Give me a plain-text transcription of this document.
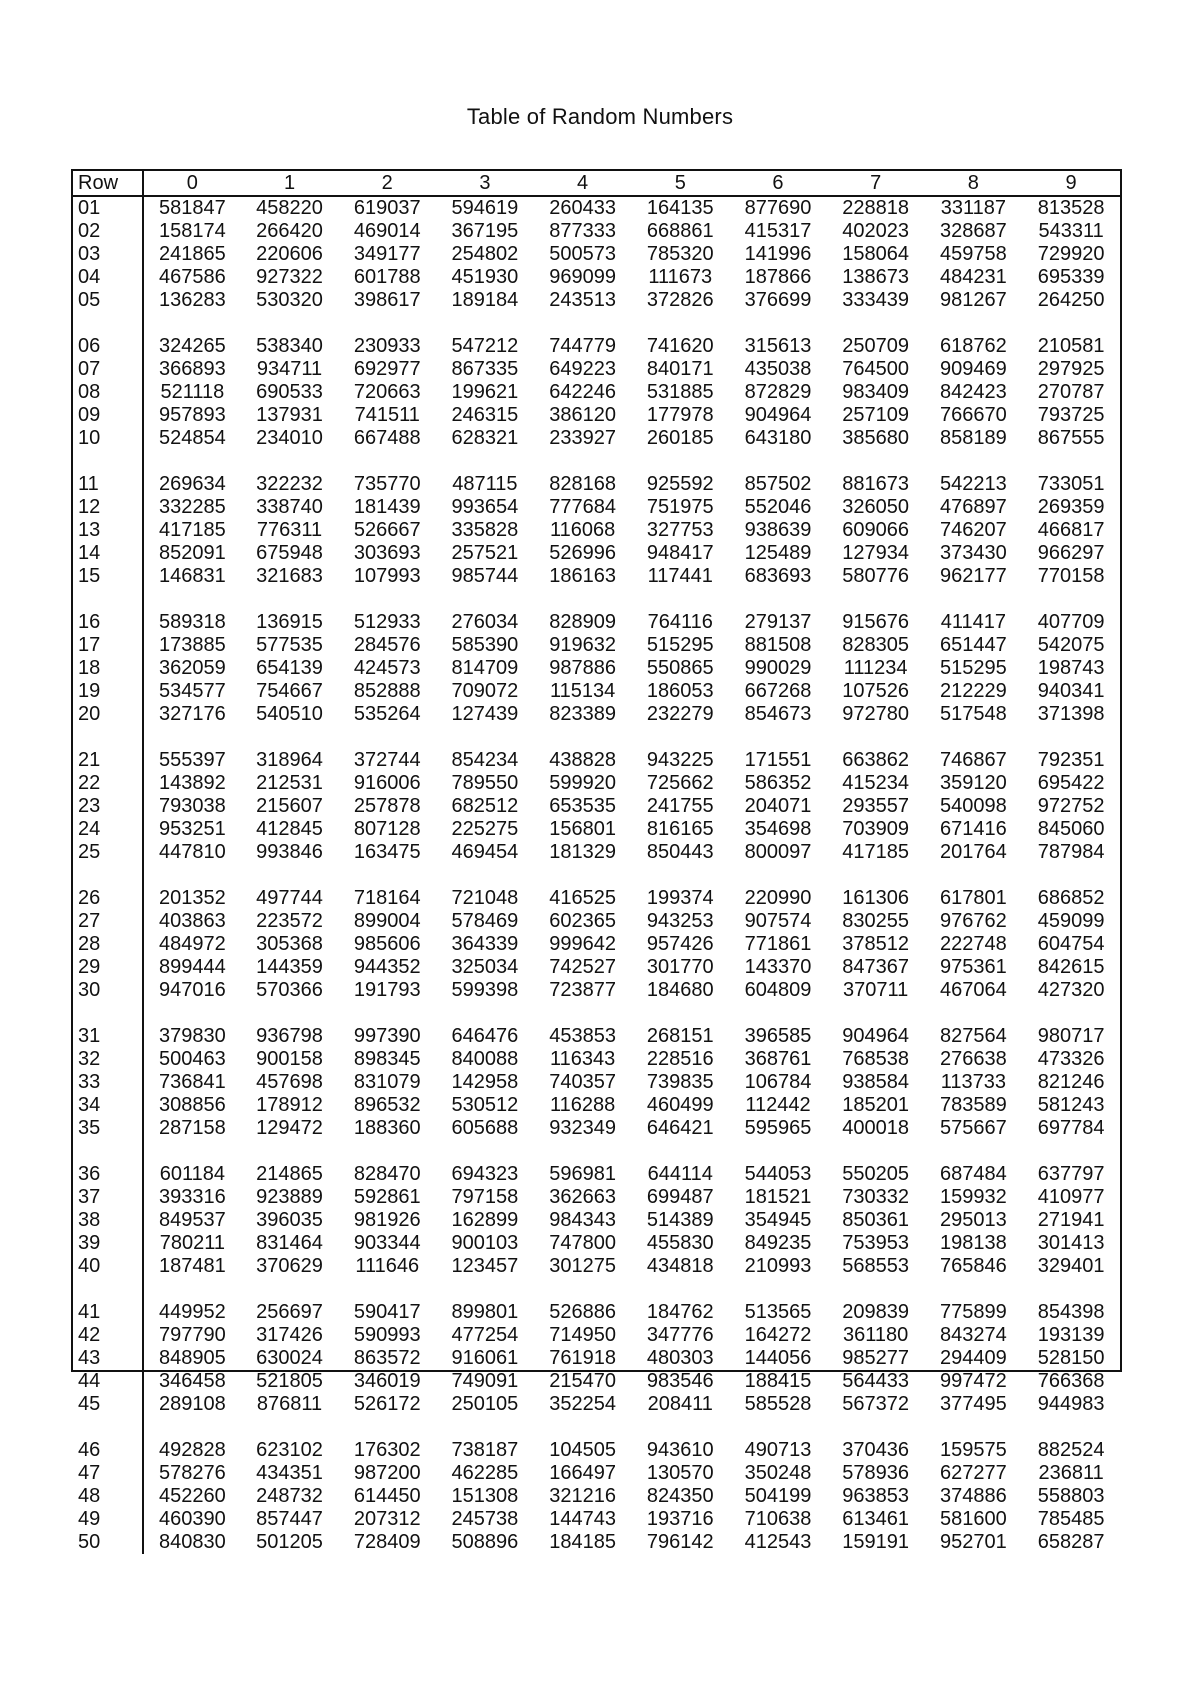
Table of Random Numbers
Row	0	1	2	3	4	5	6	7	8	9
01	581847	458220	619037	594619	260433	164135	877690	228818	331187	813528
02	158174	266420	469014	367195	877333	668861	415317	402023	328687	543311
03	241865	220606	349177	254802	500573	785320	141996	158064	459758	729920
04	467586	927322	601788	451930	969099	111673	187866	138673	484231	695339
05	136283	530320	398617	189184	243513	372826	376699	333439	981267	264250
06	324265	538340	230933	547212	744779	741620	315613	250709	618762	210581
07	366893	934711	692977	867335	649223	840171	435038	764500	909469	297925
08	521118	690533	720663	199621	642246	531885	872829	983409	842423	270787
09	957893	137931	741511	246315	386120	177978	904964	257109	766670	793725
10	524854	234010	667488	628321	233927	260185	643180	385680	858189	867555
11	269634	322232	735770	487115	828168	925592	857502	881673	542213	733051
12	332285	338740	181439	993654	777684	751975	552046	326050	476897	269359
13	417185	776311	526667	335828	116068	327753	938639	609066	746207	466817
14	852091	675948	303693	257521	526996	948417	125489	127934	373430	966297
15	146831	321683	107993	985744	186163	117441	683693	580776	962177	770158
16	589318	136915	512933	276034	828909	764116	279137	915676	411417	407709
17	173885	577535	284576	585390	919632	515295	881508	828305	651447	542075
18	362059	654139	424573	814709	987886	550865	990029	111234	515295	198743
19	534577	754667	852888	709072	115134	186053	667268	107526	212229	940341
20	327176	540510	535264	127439	823389	232279	854673	972780	517548	371398
21	555397	318964	372744	854234	438828	943225	171551	663862	746867	792351
22	143892	212531	916006	789550	599920	725662	586352	415234	359120	695422
23	793038	215607	257878	682512	653535	241755	204071	293557	540098	972752
24	953251	412845	807128	225275	156801	816165	354698	703909	671416	845060
25	447810	993846	163475	469454	181329	850443	800097	417185	201764	787984
26	201352	497744	718164	721048	416525	199374	220990	161306	617801	686852
27	403863	223572	899004	578469	602365	943253	907574	830255	976762	459099
28	484972	305368	985606	364339	999642	957426	771861	378512	222748	604754
29	899444	144359	944352	325034	742527	301770	143370	847367	975361	842615
30	947016	570366	191793	599398	723877	184680	604809	370711	467064	427320
31	379830	936798	997390	646476	453853	268151	396585	904964	827564	980717
32	500463	900158	898345	840088	116343	228516	368761	768538	276638	473326
33	736841	457698	831079	142958	740357	739835	106784	938584	113733	821246
34	308856	178912	896532	530512	116288	460499	112442	185201	783589	581243
35	287158	129472	188360	605688	932349	646421	595965	400018	575667	697784
36	601184	214865	828470	694323	596981	644114	544053	550205	687484	637797
37	393316	923889	592861	797158	362663	699487	181521	730332	159932	410977
38	849537	396035	981926	162899	984343	514389	354945	850361	295013	271941
39	780211	831464	903344	900103	747800	455830	849235	753953	198138	301413
40	187481	370629	111646	123457	301275	434818	210993	568553	765846	329401
41	449952	256697	590417	899801	526886	184762	513565	209839	775899	854398
42	797790	317426	590993	477254	714950	347776	164272	361180	843274	193139
43	848905	630024	863572	916061	761918	480303	144056	985277	294409	528150
44	346458	521805	346019	749091	215470	983546	188415	564433	997472	766368
45	289108	876811	526172	250105	352254	208411	585528	567372	377495	944983
46	492828	623102	176302	738187	104505	943610	490713	370436	159575	882524
47	578276	434351	987200	462285	166497	130570	350248	578936	627277	236811
48	452260	248732	614450	151308	321216	824350	504199	963853	374886	558803
49	460390	857447	207312	245738	144743	193716	710638	613461	581600	785485
50	840830	501205	728409	508896	184185	796142	412543	159191	952701	658287
